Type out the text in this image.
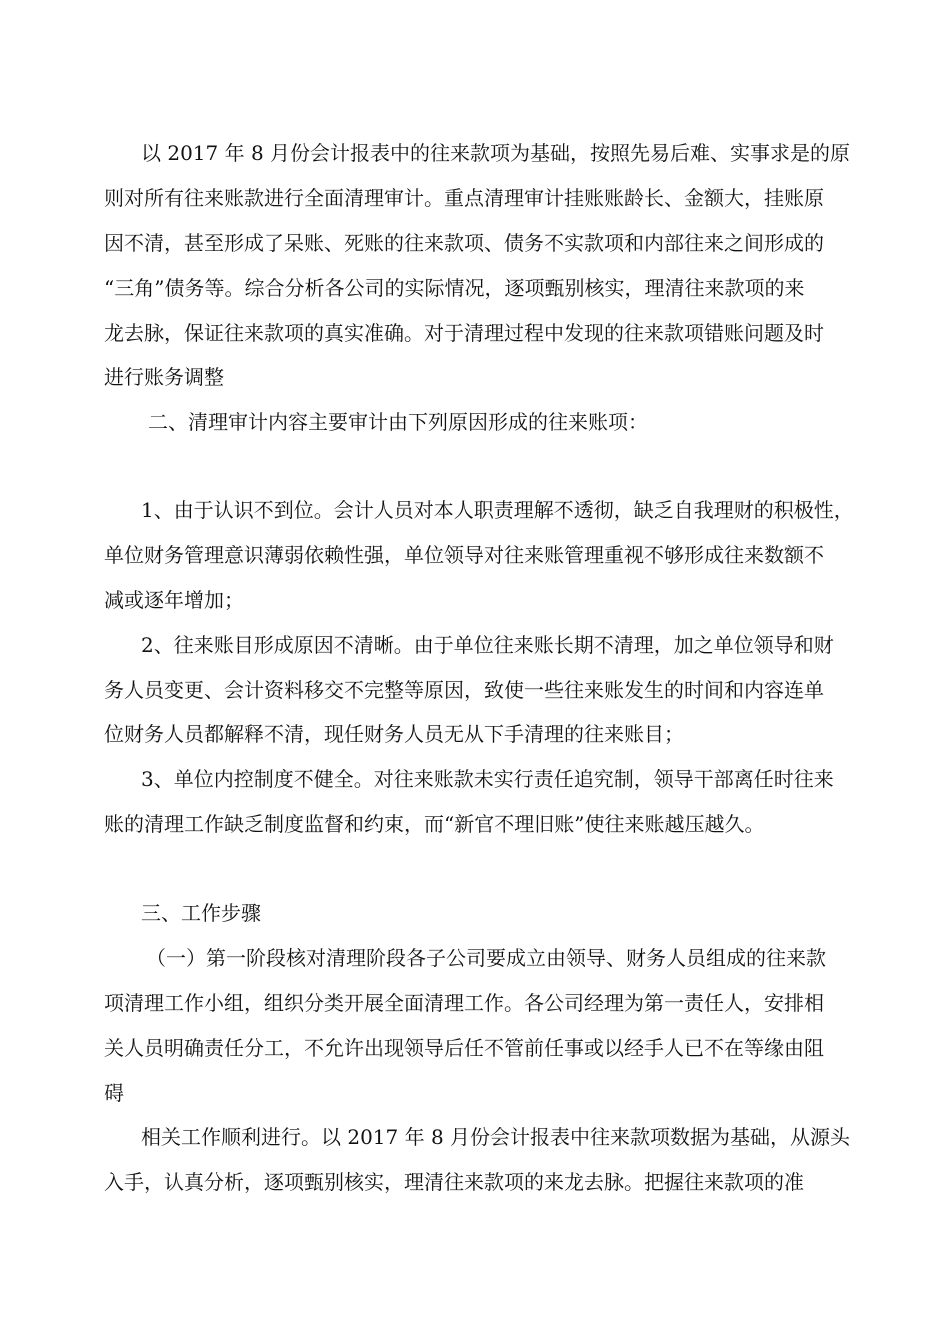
以 2017 年 8 月份会计报表中的往来款项为基础，按照先易后难、实事求是的原
则对所有往来账款进行全面清理审计。重点清理审计挂账账龄长、金额大，挂账原
因不清，甚至形成了呆账、死账的往来款项、债务不实款项和内部往来之间形成的
“三角”债务等。综合分析各公司的实际情况，逐项甄别核实，理清往来款项的来
龙去脉，保证往来款项的真实准确。对于清理过程中发现的往来款项错账问题及时
进行账务调整
二、清理审计内容主要审计由下列原因形成的往来账项：
1、由于认识不到位。会计人员对本人职责理解不透彻，缺乏自我理财的积极性，
单位财务管理意识薄弱依赖性强，单位领导对往来账管理重视不够形成往来数额不
减或逐年增加；
2、往来账目形成原因不清晰。由于单位往来账长期不清理，加之单位领导和财
务人员变更、会计资料移交不完整等原因，致使一些往来账发生的时间和内容连单
位财务人员都解释不清，现任财务人员无从下手清理的往来账目；
3、单位内控制度不健全。对往来账款未实行责任追究制，领导干部离任时往来
账的清理工作缺乏制度监督和约束，而“新官不理旧账”使往来账越压越久。
三、工作步骤
（一）第一阶段核对清理阶段各子公司要成立由领导、财务人员组成的往来款
项清理工作小组，组织分类开展全面清理工作。各公司经理为第一责任人，安排相
关人员明确责任分工，不允许出现领导后任不管前任事或以经手人已不在等缘由阻
碍
相关工作顺利进行。以 2017 年 8 月份会计报表中往来款项数据为基础，从源头
入手，认真分析，逐项甄别核实，理清往来款项的来龙去脉。把握往来款项的准
